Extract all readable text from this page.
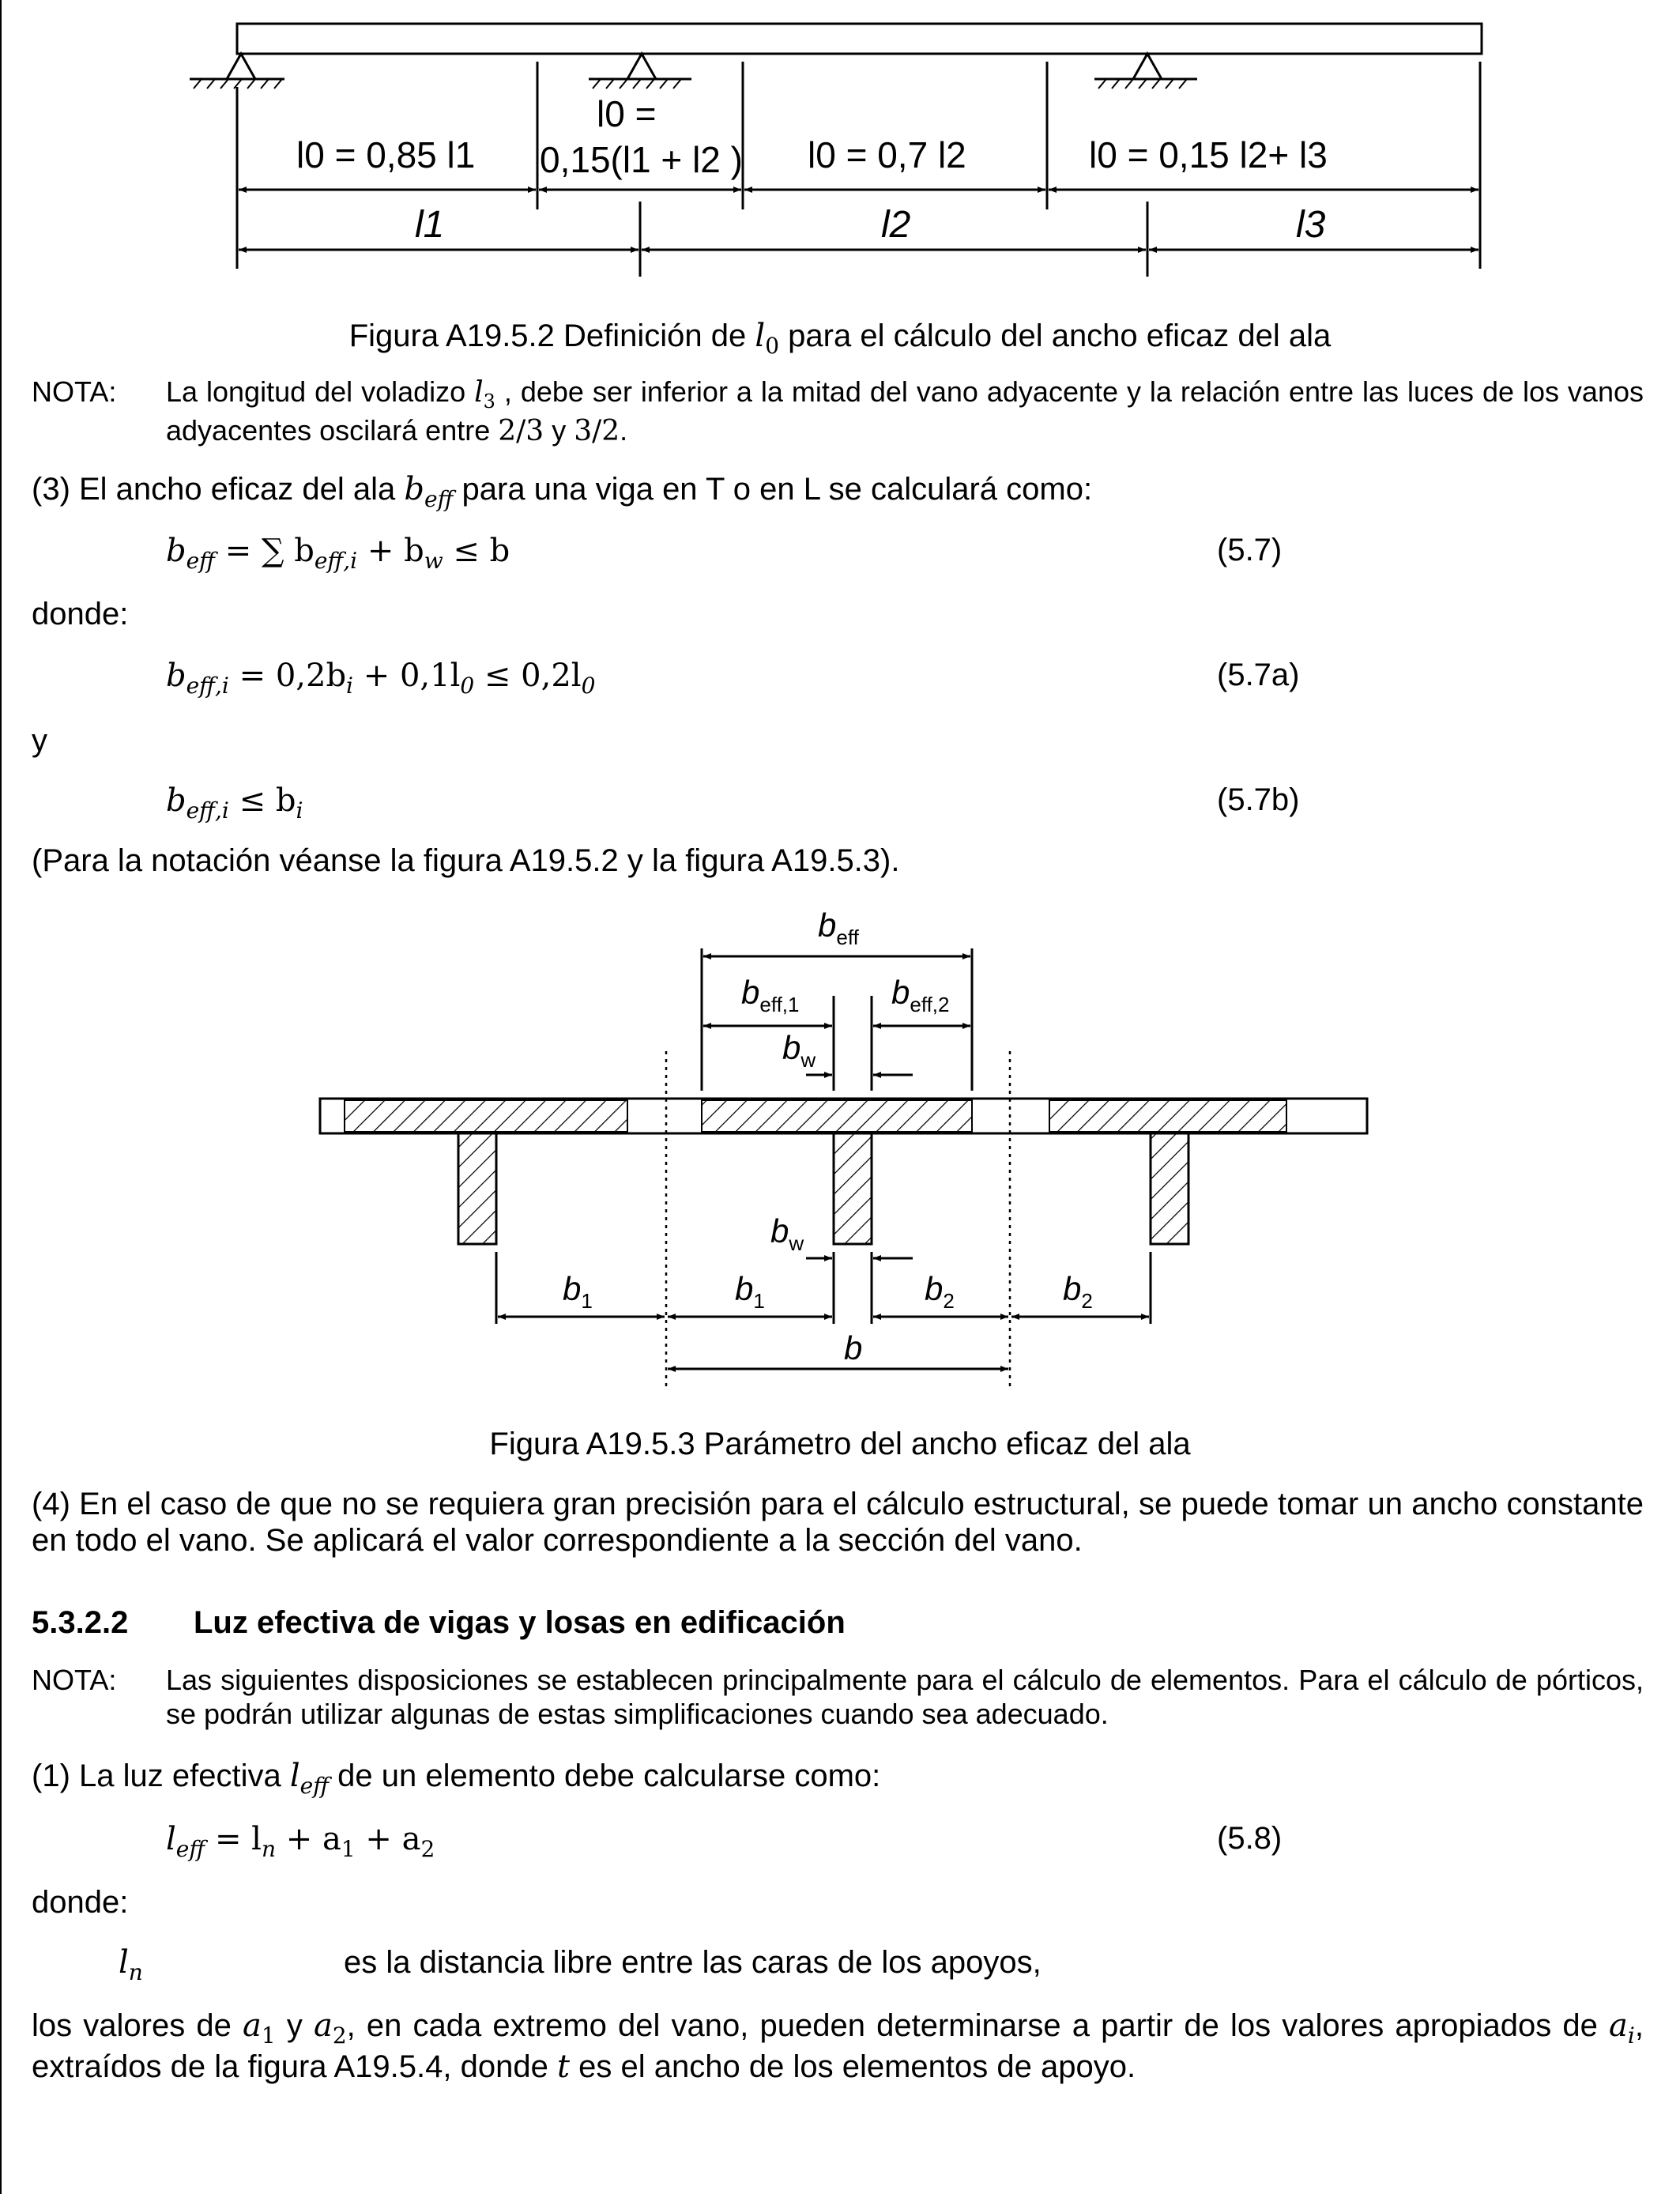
l0 = 0,85 l1
l0 =
0,15(l1 + l2 ) l0 = 0,7 l2	l0 = 0,15 l2+ l3
l1	l2	l3
Figura A19.5.2 Definición de $l_0$ para el cálculo del ancho eficaz del ala
NOTA: La longitud del voladizo $l_3$ , debe ser inferior a la mitad del vano adyacente y la relación entre las luces de los vanos adyacentes oscilará entre 2/3 y 3/2.
(3) El ancho eficaz del ala $b_{eff}$ para una viga en T o en L se calculará como:
$b_{eff}$ = ∑ $b_{eff,i} + b_w \le b$	(5.7)
donde:
$b_{eff,i} = 0,2b_i + 0,1l_0 \le 0,2l_0$	(5.7a)
y
$b_{eff,i} \le b_i$	(5.7b)
(Para la notación véanse la figura A19.5.2 y la figura A19.5.3).
$b_{eff}$
$b_{eff,1}$	$b_{eff,2}$
$b_w$
$b_w$
$b_1$	$b_1$	$b_2$	$b_2$
b
Figura A19.5.3 Parámetro del ancho eficaz del ala
(4) En el caso de que no se requiera gran precisión para el cálculo estructural, se puede tomar un ancho constante en todo el vano. Se aplicará el valor correspondiente a la sección del vano.
5.3.2.2 Luz efectiva de vigas y losas en edificación
NOTA: Las siguientes disposiciones se establecen principalmente para el cálculo de elementos. Para el cálculo de pórticos, se podrán utilizar algunas de estas simplificaciones cuando sea adecuado.
(1) La luz efectiva $l_{eff}$ de un elemento debe calcularse como:
$l_{eff} = l_n + a_1 + a_2$	(5.8)
donde:
$l_n$	es la distancia libre entre las caras de los apoyos,
los valores de $a_1$ y $a_2$, en cada extremo del vano, pueden determinarse a partir de los valores apropiados de $a_i$, extraídos de la figura A19.5.4, donde t es el ancho de los elementos de apoyo.
